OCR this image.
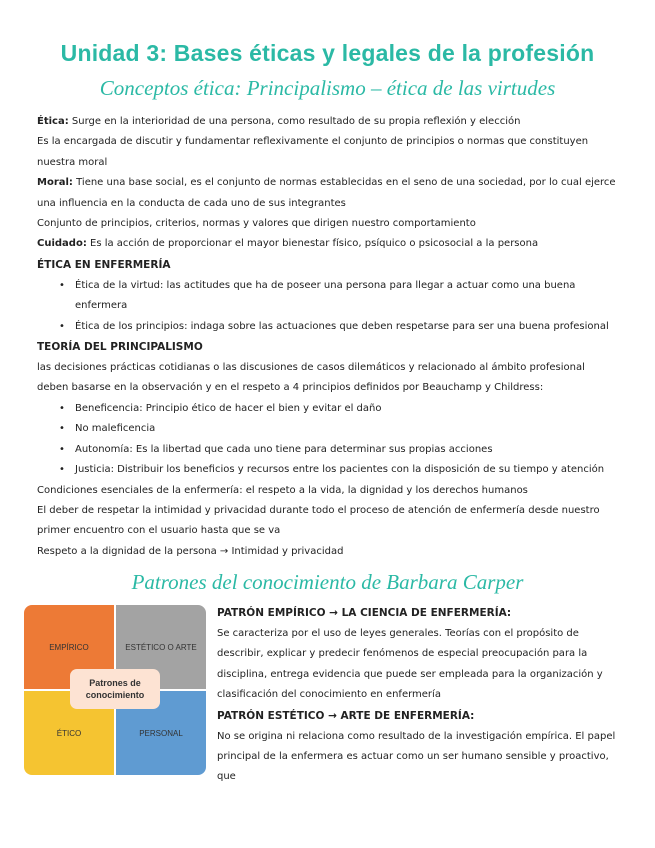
Unidad 3: Bases éticas y legales de la profesión
Conceptos ética: Principalismo – ética de las virtudes

Ética: Surge en la interioridad de una persona, como resultado de su propia reflexión y elección

Es la encargada de discutir y fundamentar reflexivamente el conjunto de principios o normas que constituyen nuestra moral

Moral: Tiene una base social, es el conjunto de normas establecidas en el seno de una sociedad, por lo cual ejerce una influencia en la conducta de cada uno de sus integrantes

Conjunto de principios, criterios, normas y valores que dirigen nuestro comportamiento

Cuidado: Es la acción de proporcionar el mayor bienestar físico, psíquico o psicosocial a la persona

ÉTICA EN ENFERMERÍA
• Ética de la virtud: las actitudes que ha de poseer una persona para llegar a actuar como una buena enfermera
• Ética de los principios: indaga sobre las actuaciones que deben respetarse para ser una buena profesional
TEORÍA DEL PRINCIPALISMO

las decisiones prácticas cotidianas o las discusiones de casos dilemáticos y relacionado al ámbito profesional deben basarse en la observación y en el respeto a 4 principios definidos por Beauchamp y Childress:

• Beneficencia: Principio ético de hacer el bien y evitar el daño
• No maleficencia
• Autonomía: Es la libertad que cada uno tiene para determinar sus propias acciones
• Justicia: Distribuir los beneficios y recursos entre los pacientes con la disposición de su tiempo y atención

Condiciones esenciales de la enfermería: el respeto a la vida, la dignidad y los derechos humanos

El deber de respetar la intimidad y privacidad durante todo el proceso de atención de enfermería desde nuestro primer encuentro con el usuario hasta que se va

Respeto a la dignidad de la persona → Intimidad y privacidad

Patrones del conocimiento de Barbara Carper
EMPÍRICO	ESTÉTICO O ARTE
ÉTICO	PERSONAL
Patrones de conocimiento
PATRÓN EMPÍRICO → LA CIENCIA DE ENFERMERÍA:

Se caracteriza por el uso de leyes generales. Teorías con el propósito de describir, explicar y predecir fenómenos de especial preocupación para la disciplina, entrega evidencia que puede ser empleada para la organización y clasificación del conocimiento en enfermería

PATRÓN ESTÉTICO → ARTE DE ENFERMERÍA:

No se origina ni relaciona como resultado de la investigación empírica. El papel principal de la enfermera es actuar como un ser humano sensible y proactivo, que
